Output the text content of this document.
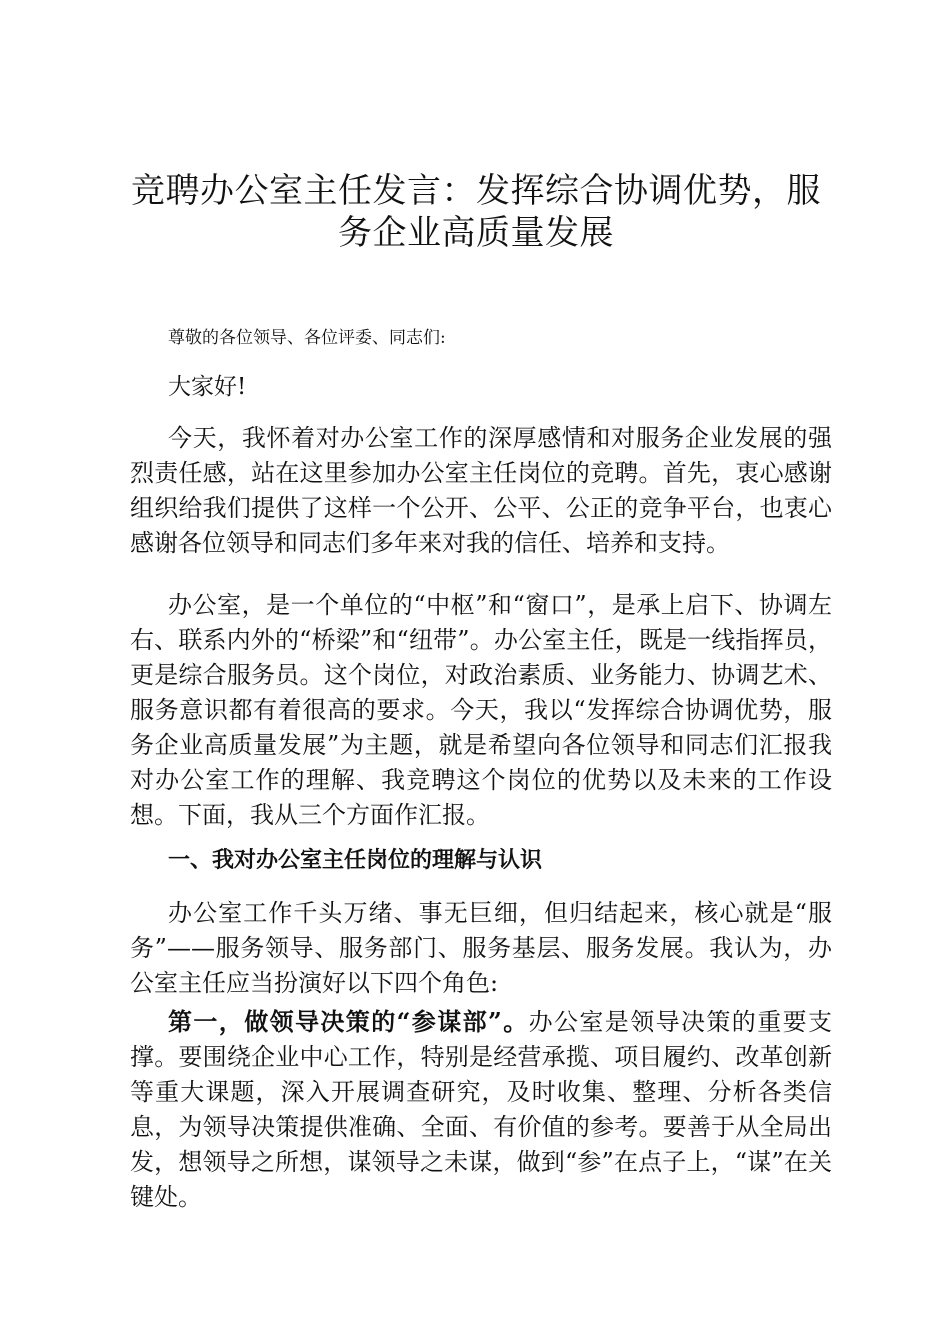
竞聘办公室主任发言：发挥综合协调优势，服务企业高质量发展
尊敬的各位领导、各位评委、同志们:

大家好!

今天，我怀着对办公室工作的深厚感情和对服务企业发展的强烈责任感，站在这里参加办公室主任岗位的竞聘。首先，衷心感谢组织给我们提供了这样一个公开、公平、公正的竞争平台，也衷心感谢各位领导和同志们多年来对我的信任、培养和支持。

办公室，是一个单位的“中枢”和“窗口”，是承上启下、协调左右、联系内外的“桥梁”和“纽带”。办公室主任，既是一线指挥员，更是综合服务员。这个岗位，对政治素质、业务能力、协调艺术、服务意识都有着很高的要求。今天，我以“发挥综合协调优势，服务企业高质量发展”为主题，就是希望向各位领导和同志们汇报我对办公室工作的理解、我竞聘这个岗位的优势以及未来的工作设想。下面，我从三个方面作汇报。

一、我对办公室主任岗位的理解与认识

办公室工作千头万绪、事无巨细，但归结起来，核心就是“服务”——服务领导、服务部门、服务基层、服务发展。我认为，办公室主任应当扮演好以下四个角色:

第一，做领导决策的“参谋部”。办公室是领导决策的重要支撑。要围绕企业中心工作，特别是经营承揽、项目履约、改革创新等重大课题，深入开展调查研究，及时收集、整理、分析各类信息，为领导决策提供准确、全面、有价值的参考。要善于从全局出发，想领导之所想，谋领导之未谋，做到“参”在点子上，“谋”在关键处。
